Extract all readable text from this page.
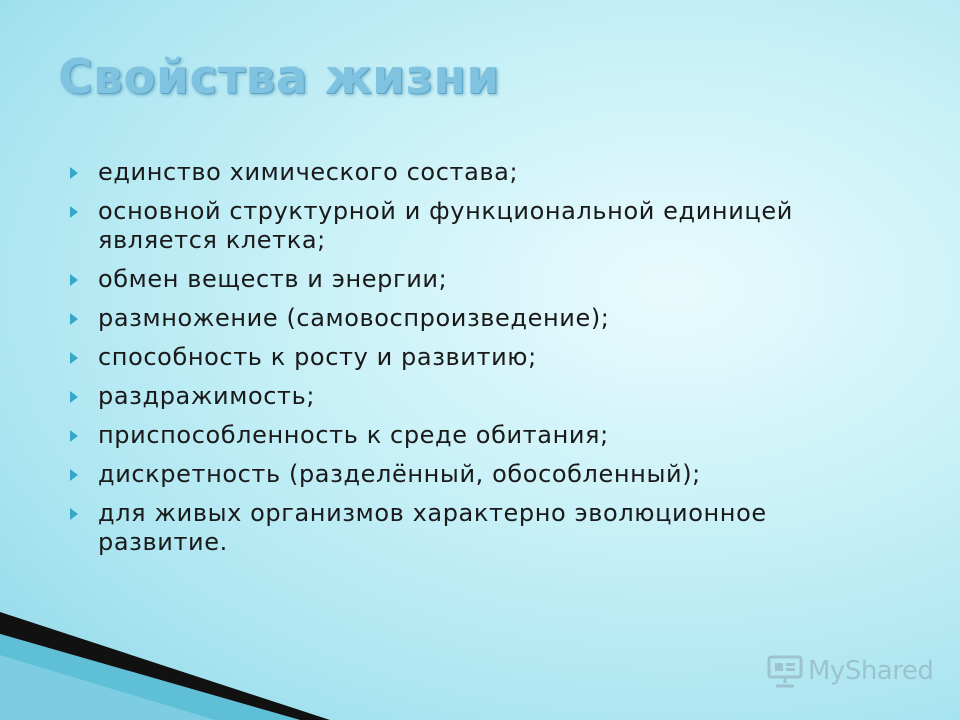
Свойства жизни
единство химического состава;
основной структурной и функциональной единицей является клетка;
обмен веществ и энергии;
размножение (самовоспроизведение);
способность к росту и развитию;
раздражимость;
приспособленность к среде обитания;
дискретность (разделённый, обособленный);
для живых организмов характерно эволюционное развитие.
MyShared
